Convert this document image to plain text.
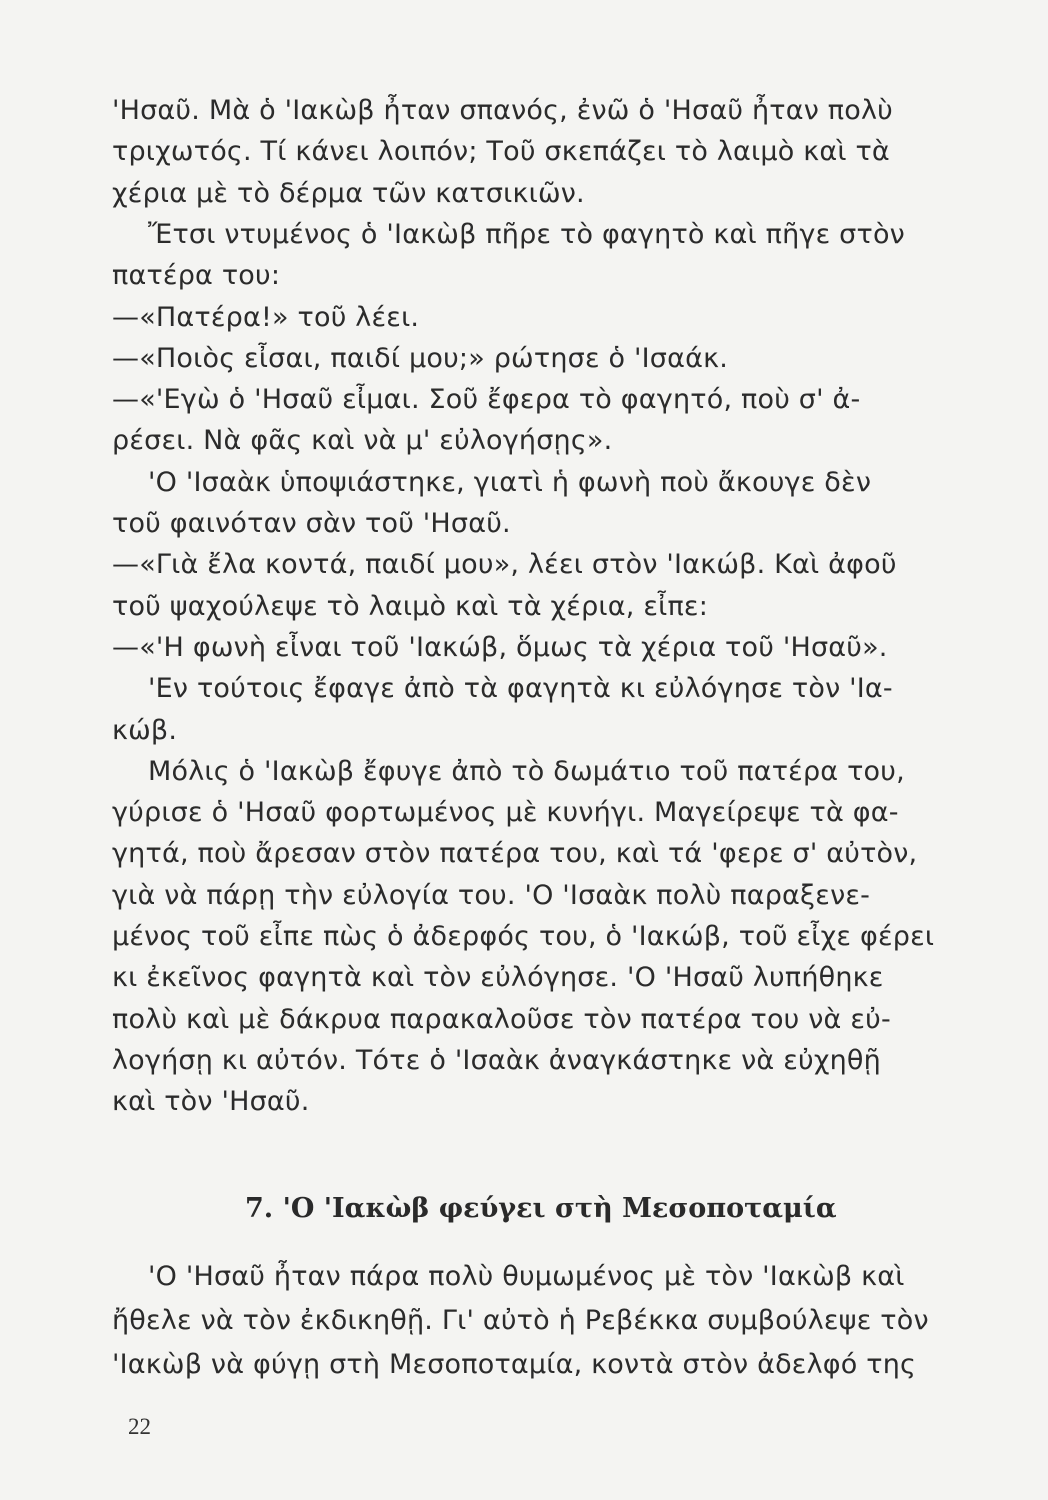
'Ησαῦ. Μὰ ὁ 'Ιακὼβ ἦταν σπανός, ἐνῶ ὁ 'Ησαῦ ἦταν πολὺ
τριχωτός. Τί κάνει λοιπόν; Τοῦ σκεπάζει τὸ λαιμὸ καὶ τὰ
χέρια μὲ τὸ δέρμα τῶν κατσικιῶν.
Ἔτσι ντυμένος ὁ 'Ιακὼβ πῆρε τὸ φαγητὸ καὶ πῆγε στὸν
πατέρα του:
—«Πατέρα!» τοῦ λέει.
—«Ποιὸς εἶσαι, παιδί μου;» ρώτησε ὁ 'Ισαάκ.
—«'Εγὼ ὁ 'Ησαῦ εἶμαι. Σοῦ ἔφερα τὸ φαγητό, ποὺ σ' ἀ-
ρέσει. Νὰ φᾶς καὶ νὰ μ' εὐλογήσῃς».
'Ο 'Ισαὰκ ὑποψιάστηκε, γιατὶ ἡ φωνὴ ποὺ ἄκουγε δὲν
τοῦ φαινόταν σὰν τοῦ 'Ησαῦ.
—«Γιὰ ἔλα κοντά, παιδί μου», λέει στὸν 'Ιακώβ. Καὶ ἀφοῦ
τοῦ ψαχούλεψε τὸ λαιμὸ καὶ τὰ χέρια, εἶπε:
—«'Η φωνὴ εἶναι τοῦ 'Ιακώβ, ὅμως τὰ χέρια τοῦ 'Ησαῦ».
'Εν τούτοις ἔφαγε ἀπὸ τὰ φαγητὰ κι εὐλόγησε τὸν 'Ια-
κώβ.
Μόλις ὁ 'Ιακὼβ ἔφυγε ἀπὸ τὸ δωμάτιο τοῦ πατέρα του,
γύρισε ὁ 'Ησαῦ φορτωμένος μὲ κυνήγι. Μαγείρεψε τὰ φα-
γητά, ποὺ ἄρεσαν στὸν πατέρα του, καὶ τά 'φερε σ' αὐτὸν,
γιὰ νὰ πάρῃ τὴν εὐλογία του. 'Ο 'Ισαὰκ πολὺ παραξενε-
μένος τοῦ εἶπε πὼς ὁ ἀδερφός του, ὁ 'Ιακώβ, τοῦ εἶχε φέρει
κι ἐκεῖνος φαγητὰ καὶ τὸν εὐλόγησε. 'Ο 'Ησαῦ λυπήθηκε
πολὺ καὶ μὲ δάκρυα παρακαλοῦσε τὸν πατέρα του νὰ εὐ-
λογήσῃ κι αὐτόν. Τότε ὁ 'Ισαὰκ ἀναγκάστηκε νὰ εὐχηθῇ
καὶ τὸν 'Ησαῦ.
7. 'Ο 'Ιακὼβ φεύγει στὴ Μεσοποταμία
'Ο 'Ησαῦ ἦταν πάρα πολὺ θυμωμένος μὲ τὸν 'Ιακὼβ καὶ
ἤθελε νὰ τὸν ἐκδικηθῇ. Γι' αὐτὸ ἡ Ρεβέκκα συμβούλεψε τὸν
'Ιακὼβ νὰ φύγῃ στὴ Μεσοποταμία, κοντὰ στὸν ἀδελφό της
22
